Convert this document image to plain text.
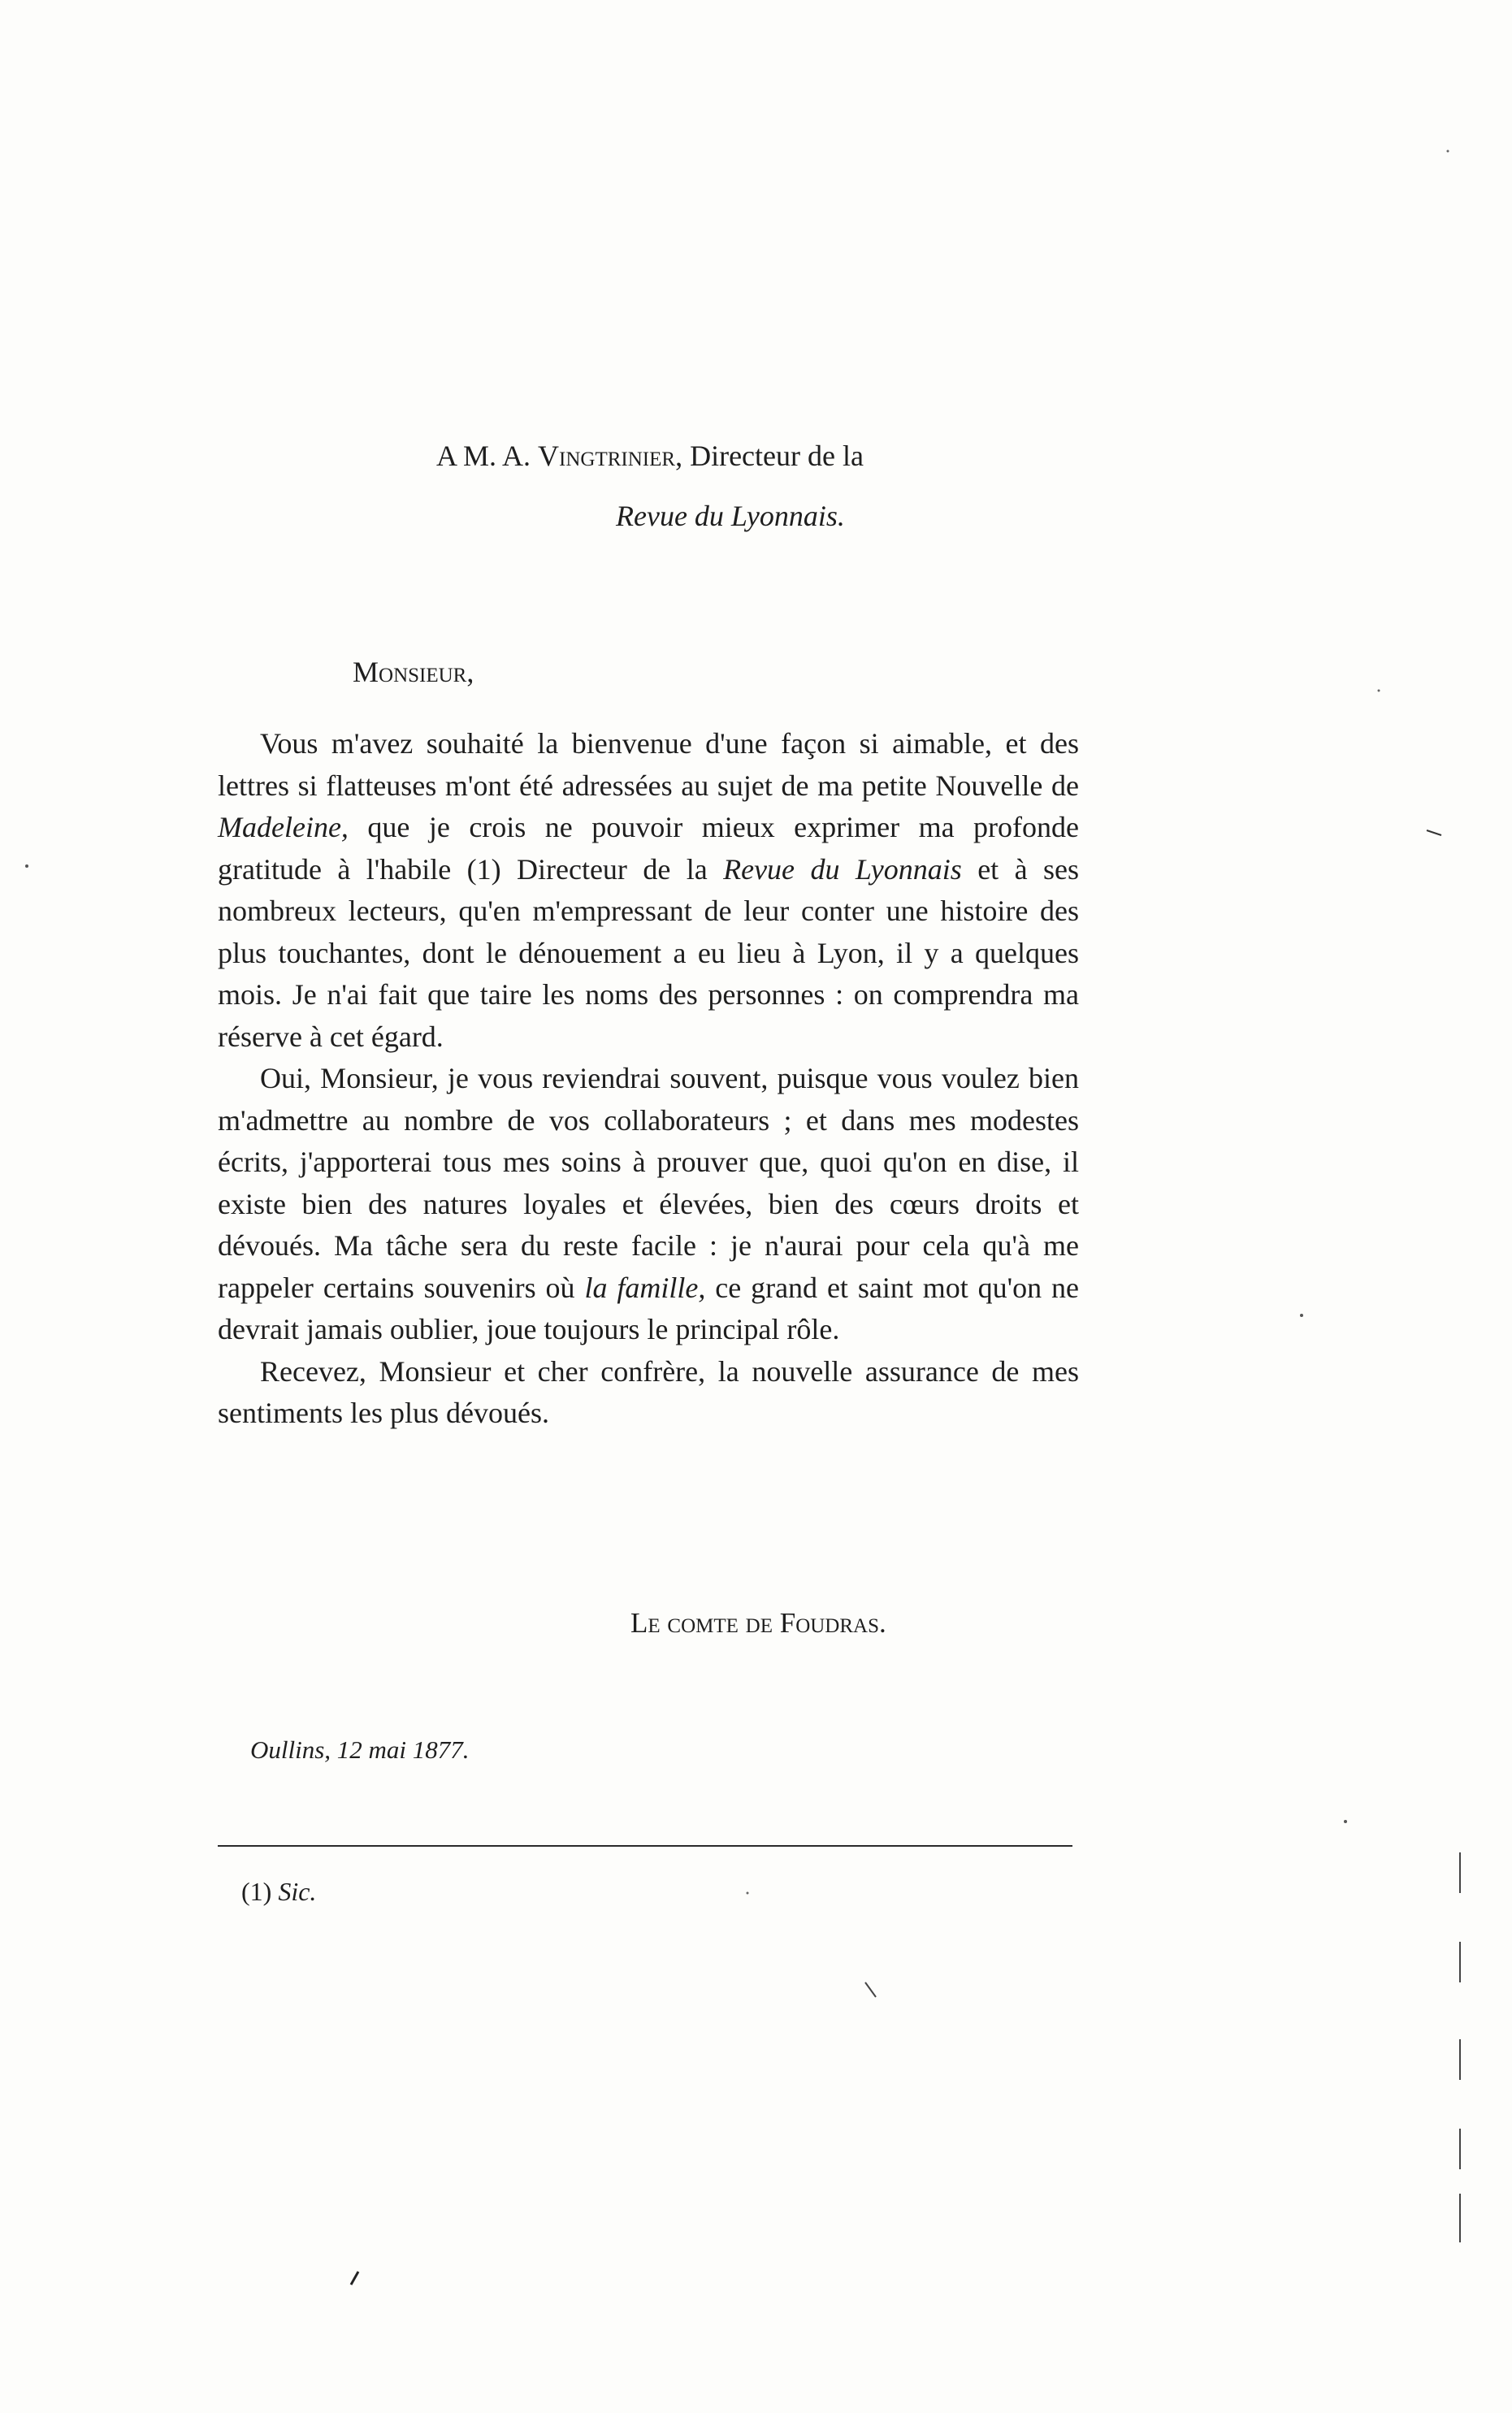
A M. A. Vingtrinier, Directeur de la
Revue du Lyonnais.
Monsieur,

Vous m'avez souhaité la bienvenue d'une façon si aimable, et des lettres si flatteuses m'ont été adressées au sujet de ma petite Nouvelle de Madeleine, que je crois ne pouvoir mieux exprimer ma profonde gratitude à l'habile (1) Directeur de la Revue du Lyonnais et à ses nombreux lecteurs, qu'en m'empressant de leur conter une histoire des plus touchantes, dont le dénouement a eu lieu à Lyon, il y a quelques mois. Je n'ai fait que taire les noms des personnes : on comprendra ma réserve à cet égard.

Oui, Monsieur, je vous reviendrai souvent, puisque vous voulez bien m'admettre au nombre de vos collaborateurs ; et dans mes modestes écrits, j'apporterai tous mes soins à prouver que, quoi qu'on en dise, il existe bien des natures loyales et élevées, bien des cœurs droits et dévoués. Ma tâche sera du reste facile : je n'aurai pour cela qu'à me rappeler certains souvenirs où la famille, ce grand et saint mot qu'on ne devrait jamais oublier, joue toujours le principal rôle.

Recevez, Monsieur et cher confrère, la nouvelle assurance de mes sentiments les plus dévoués.

Le comte de Foudras.
Oullins, 12 mai 1877.
(1) Sic.
